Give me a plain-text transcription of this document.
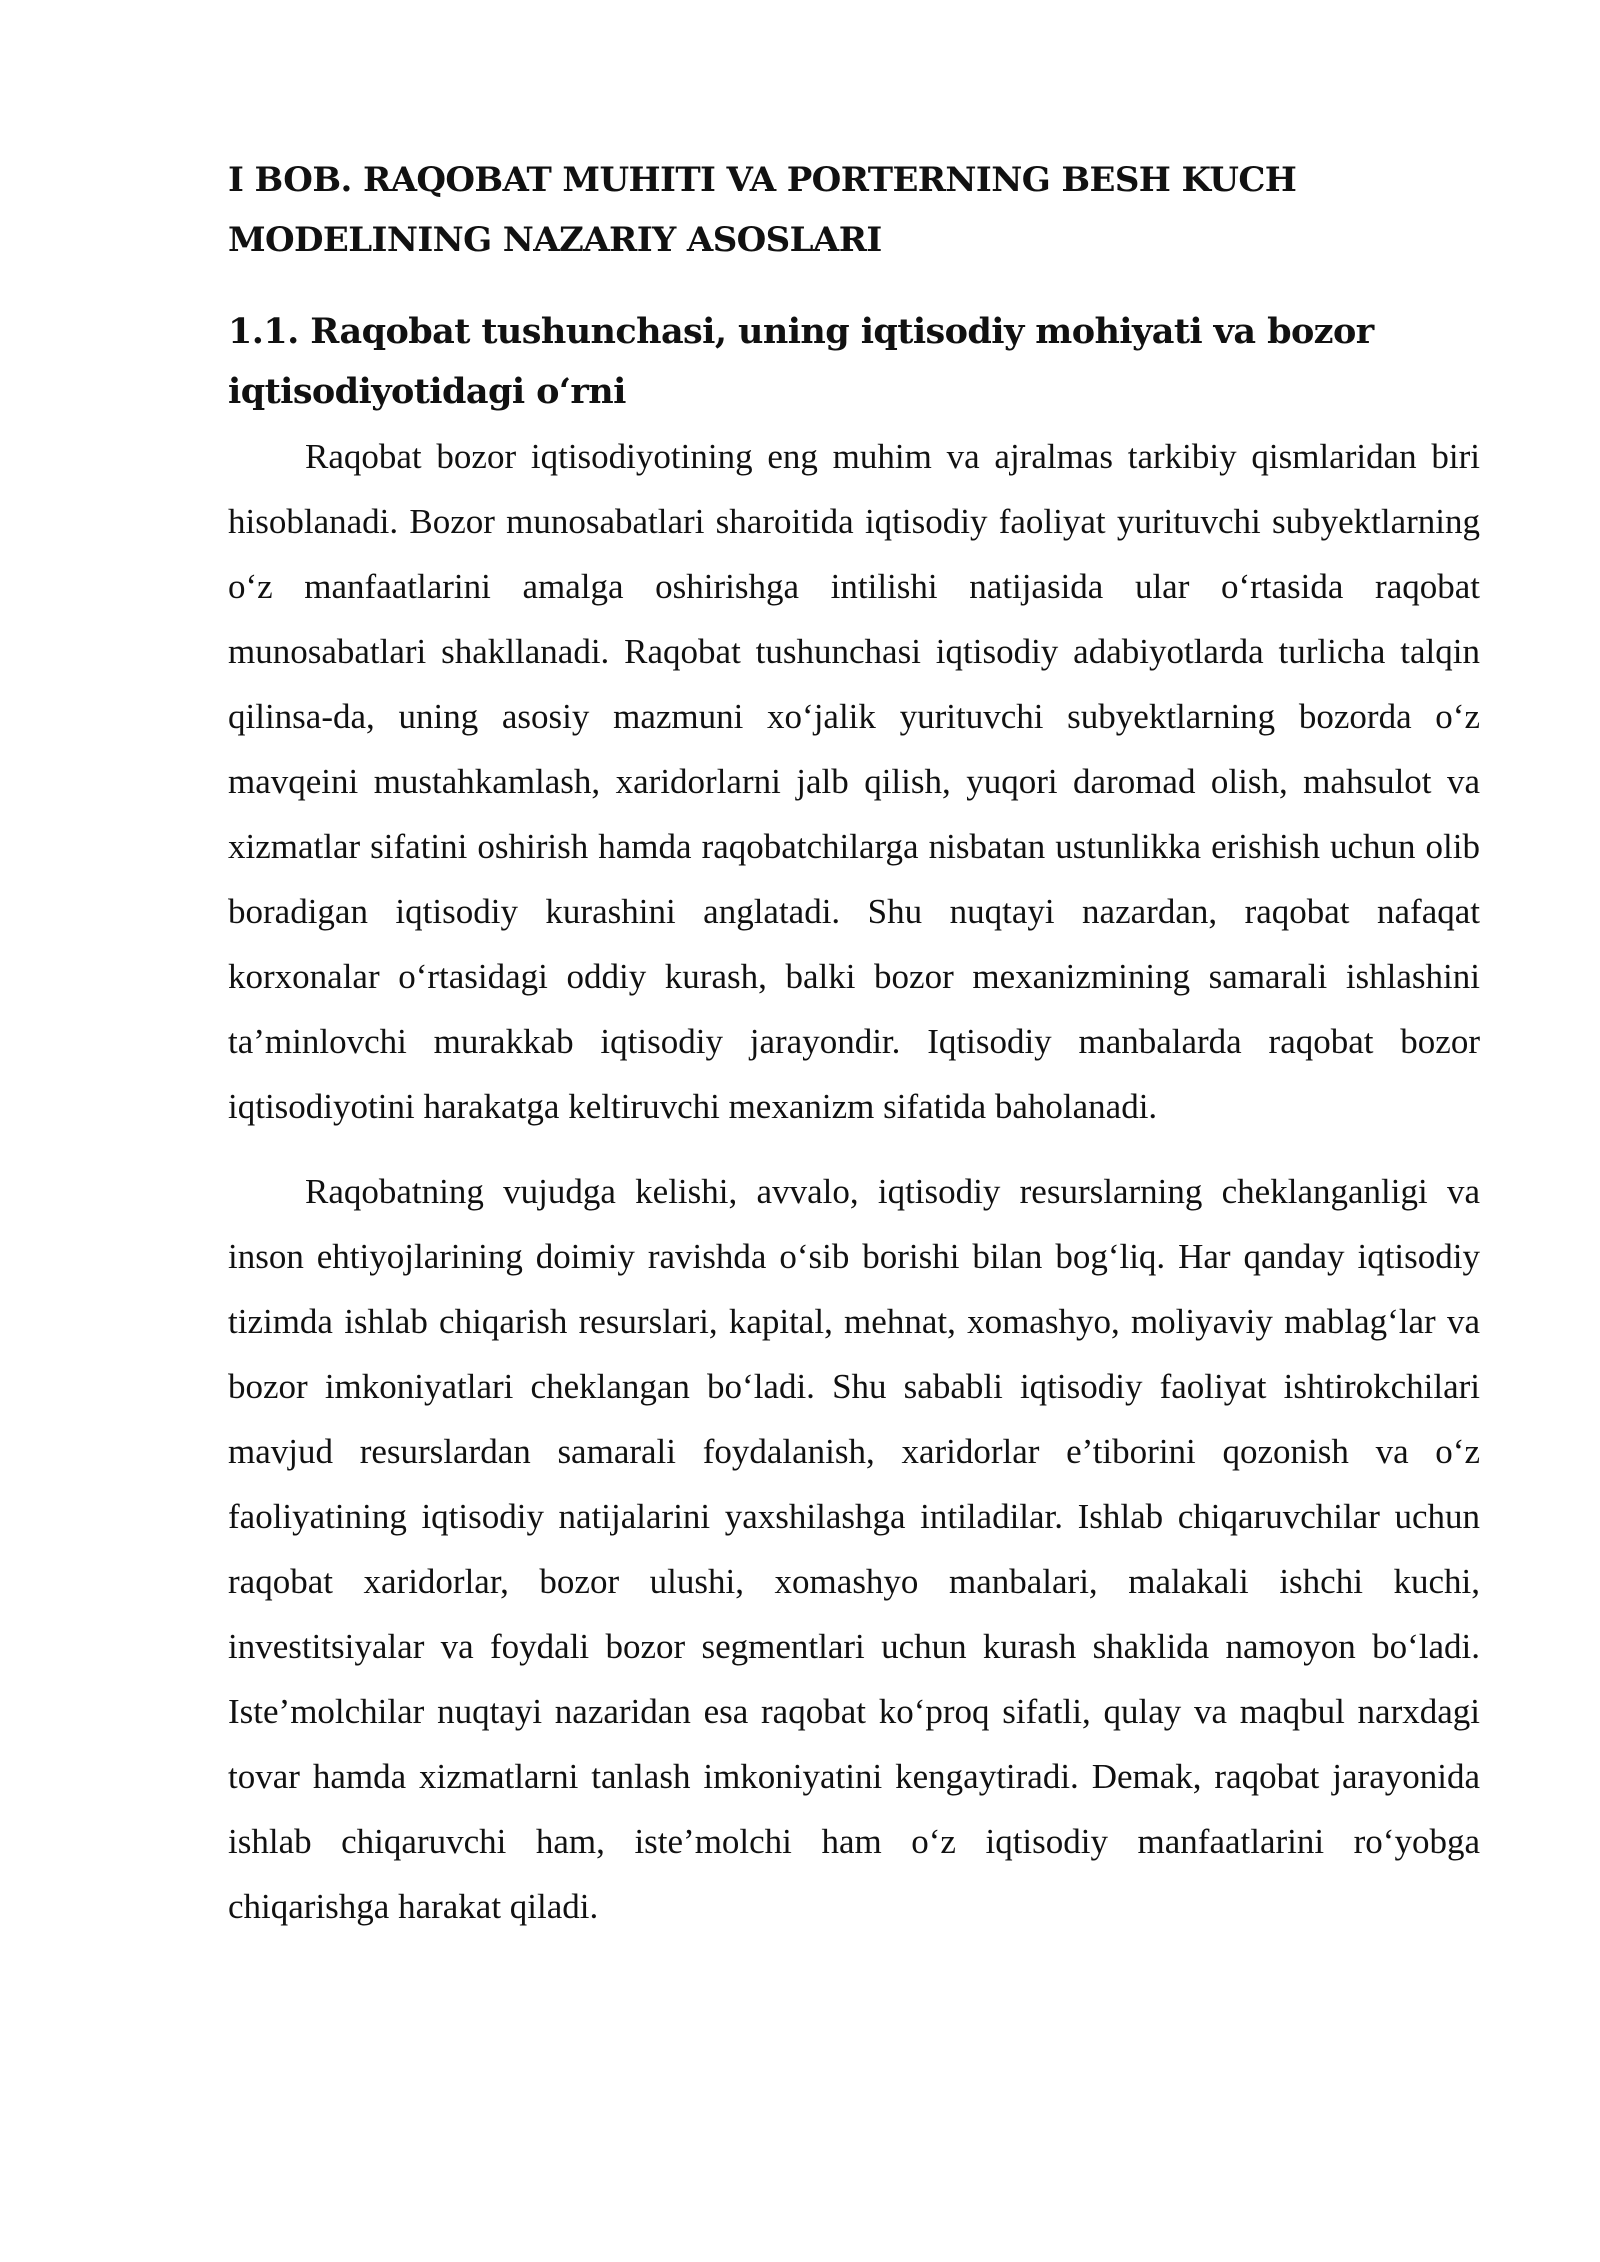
I BOB. RAQOBAT MUHITI VA PORTERNING BESH KUCH MODELINING NAZARIY ASOSLARI
1.1. Raqobat tushunchasi, uning iqtisodiy mohiyati va bozor iqtisodiyotidagi o‘rni

Raqobat bozor iqtisodiyotining eng muhim va ajralmas tarkibiy qismlaridan biri hisoblanadi. Bozor munosabatlari sharoitida iqtisodiy faoliyat yurituvchi subyektlarning o‘z manfaatlarini amalga oshirishga intilishi natijasida ular o‘rtasida raqobat munosabatlari shakllanadi. Raqobat tushunchasi iqtisodiy adabiyotlarda turlicha talqin qilinsa-da, uning asosiy mazmuni xo‘jalik yurituvchi subyektlarning bozorda o‘z mavqeini mustahkamlash, xaridorlarni jalb qilish, yuqori daromad olish, mahsulot va xizmatlar sifatini oshirish hamda raqobatchilarga nisbatan ustunlikka erishish uchun olib boradigan iqtisodiy kurashini anglatadi. Shu nuqtayi nazardan, raqobat nafaqat korxonalar o‘rtasidagi oddiy kurash, balki bozor mexanizmining samarali ishlashini ta’minlovchi murakkab iqtisodiy jarayondir. Iqtisodiy manbalarda raqobat bozor iqtisodiyotini harakatga keltiruvchi mexanizm sifatida baholanadi.

Raqobatning vujudga kelishi, avvalo, iqtisodiy resurslarning cheklanganligi va inson ehtiyojlarining doimiy ravishda o‘sib borishi bilan bog‘liq. Har qanday iqtisodiy tizimda ishlab chiqarish resurslari, kapital, mehnat, xomashyo, moliyaviy mablag‘lar va bozor imkoniyatlari cheklangan bo‘ladi. Shu sababli iqtisodiy faoliyat ishtirokchilari mavjud resurslardan samarali foydalanish, xaridorlar e’tiborini qozonish va o‘z faoliyatining iqtisodiy natijalarini yaxshilashga intiladilar. Ishlab chiqaruvchilar uchun raqobat xaridorlar, bozor ulushi, xomashyo manbalari, malakali ishchi kuchi, investitsiyalar va foydali bozor segmentlari uchun kurash shaklida namoyon bo‘ladi. Iste’molchilar nuqtayi nazaridan esa raqobat ko‘proq sifatli, qulay va maqbul narxdagi tovar hamda xizmatlarni tanlash imkoniyatini kengaytiradi. Demak, raqobat jarayonida ishlab chiqaruvchi ham, iste’molchi ham o‘z iqtisodiy manfaatlarini ro‘yobga chiqarishga harakat qiladi.
